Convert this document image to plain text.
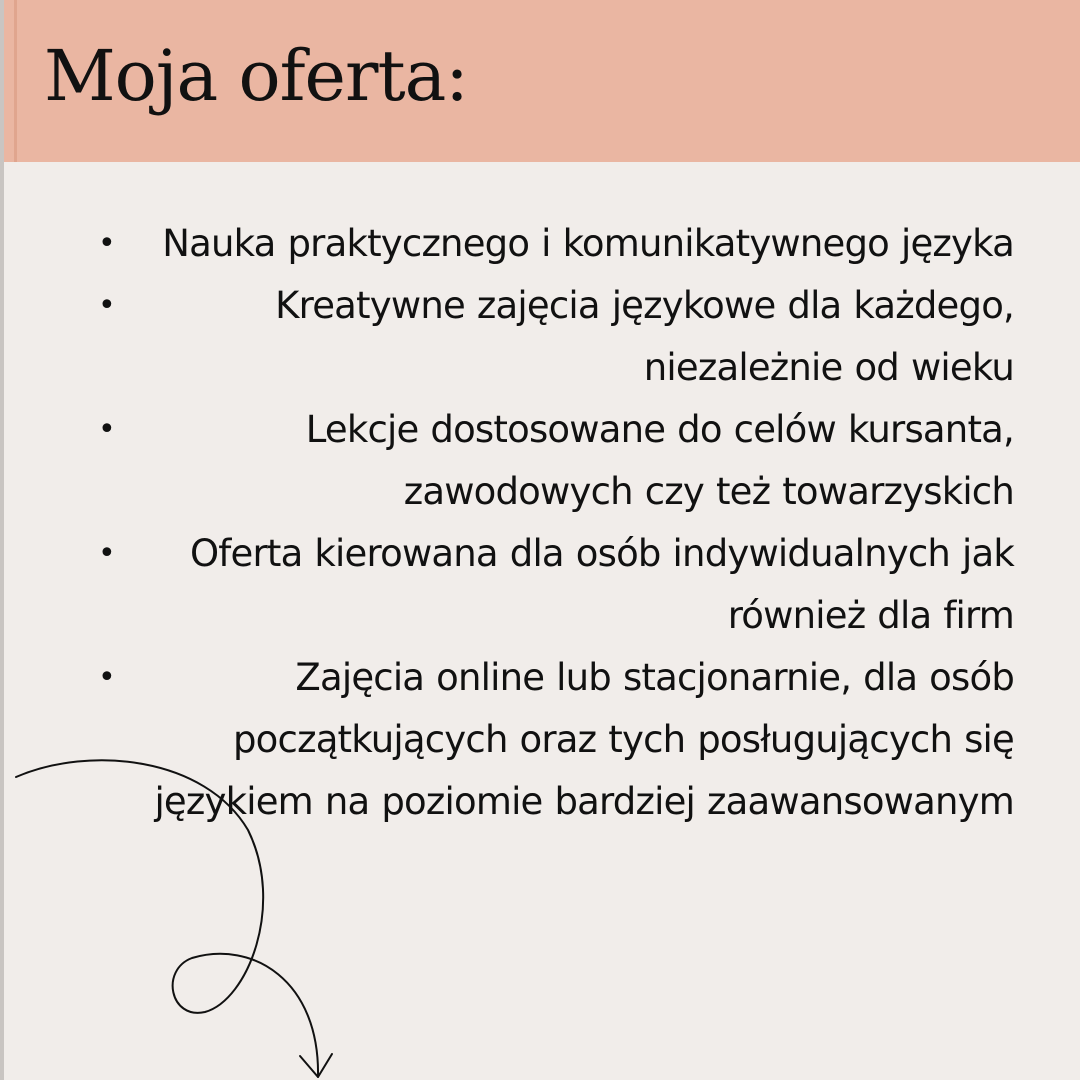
Moja oferta:
•	Nauka praktycznego i komunikatywnego języka
•	Kreatywne zajęcia językowe dla każdego, niezależnie od wieku
•	Lekcje dostosowane do celów kursanta, zawodowych czy też towarzyskich
•	Oferta kierowana dla osób indywidualnych jak również dla firm
•	Zajęcia online lub stacjonarnie, dla osób początkujących oraz tych posługujących się językiem na poziomie bardziej zaawansowanym
